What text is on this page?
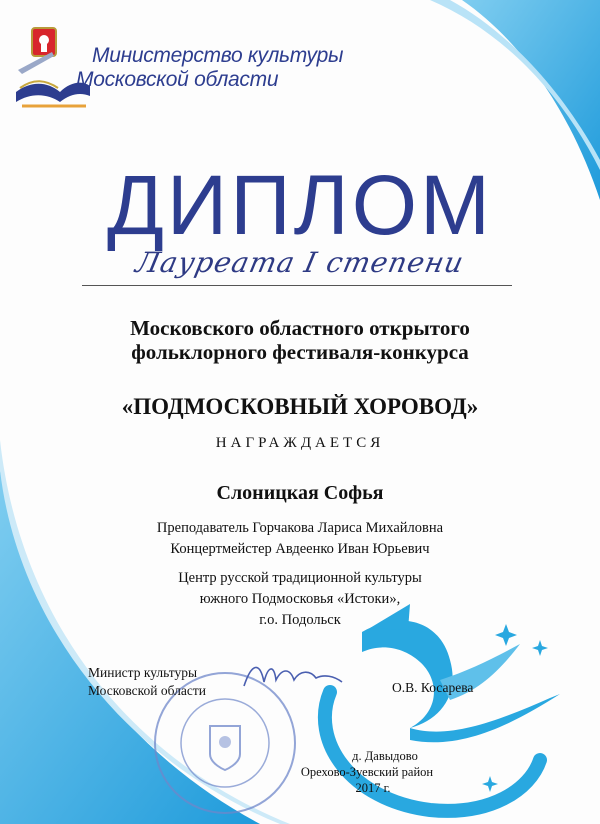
Министерство культуры
Московской области
ДИПЛОМ
Лауреата I степени
Московского областного открытого
фольклорного фестиваля-конкурса
«ПОДМОСКОВНЫЙ ХОРОВОД»
НАГРАЖДАЕТСЯ
Слоницкая Софья
Преподаватель Горчакова Лариса Михайловна
Концертмейстер Авдеенко Иван Юрьевич
Центр русской традиционной культуры
южного Подмосковья «Истоки»,
г.о. Подольск
Министр культуры
Московской области	О.В. Косарева
д. Давыдово
Орехово-Зуевский район
2017 г.
